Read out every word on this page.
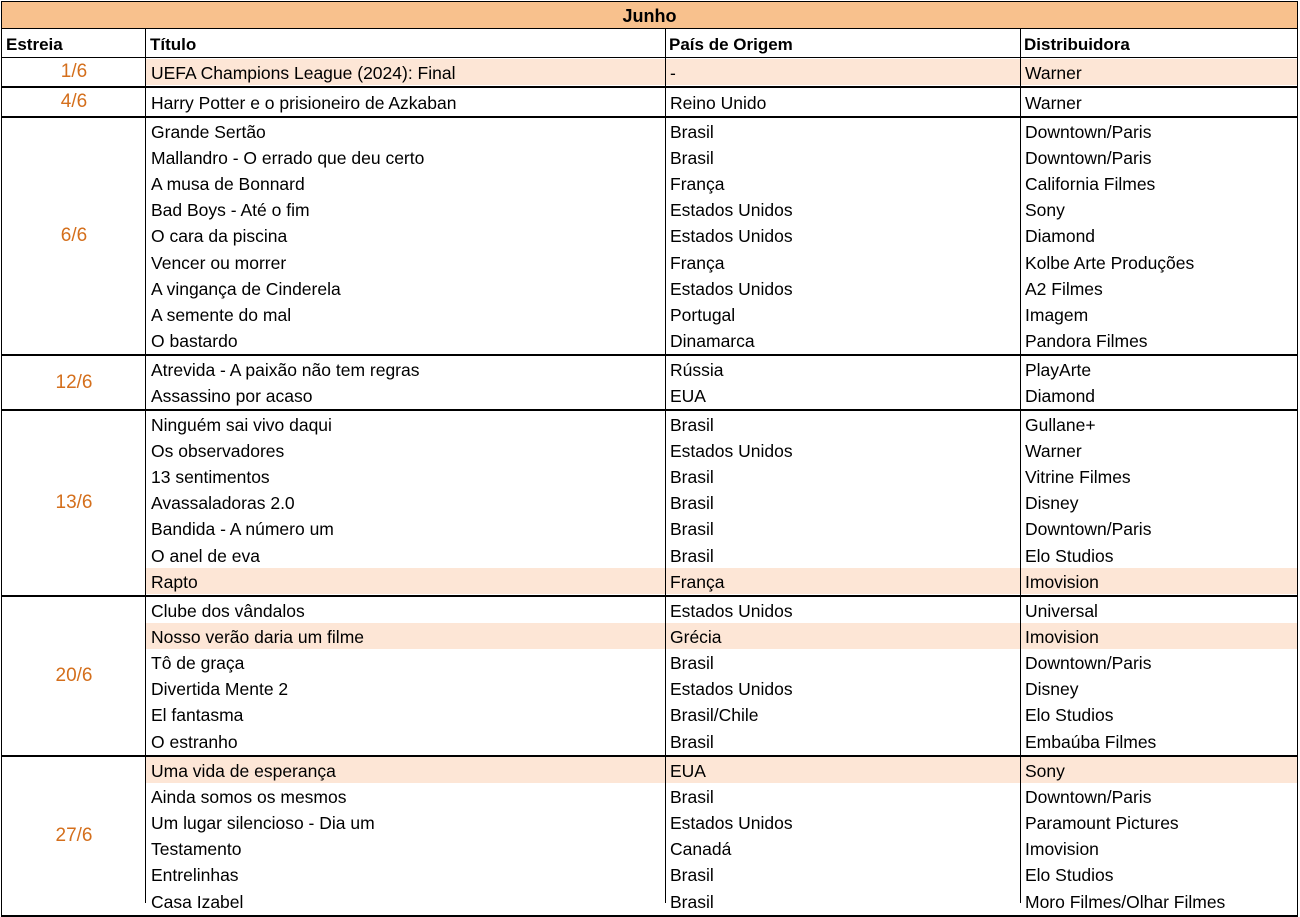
Junho
Estreia	Título	País de Origem	Distribuidora
1/6	UEFA Champions League (2024): Final	-	Warner
4/6	Harry Potter e o prisioneiro de Azkaban	Reino Unido	Warner
6/6
Grande Sertão	Brasil	Downtown/Paris
Mallandro - O errado que deu certo	Brasil	Downtown/Paris
A musa de Bonnard	França	California Filmes
Bad Boys - Até o fim	Estados Unidos	Sony
O cara da piscina	Estados Unidos	Diamond
Vencer ou morrer	França	Kolbe Arte Produções
A vingança de Cinderela	Estados Unidos	A2 Filmes
A semente do mal	Portugal	Imagem
O bastardo	Dinamarca	Pandora Filmes
12/6
Atrevida - A paixão não tem regras	Rússia	PlayArte
Assassino por acaso	EUA	Diamond
13/6
Ninguém sai vivo daqui	Brasil	Gullane+
Os observadores	Estados Unidos	Warner
13 sentimentos	Brasil	Vitrine Filmes
Avassaladoras 2.0	Brasil	Disney
Bandida - A número um	Brasil	Downtown/Paris
O anel de eva	Brasil	Elo Studios
Rapto	França	Imovision
20/6
Clube dos vândalos	Estados Unidos	Universal
Nosso verão daria um filme	Grécia	Imovision
Tô de graça	Brasil	Downtown/Paris
Divertida Mente 2	Estados Unidos	Disney
El fantasma	Brasil/Chile	Elo Studios
O estranho	Brasil	Embaúba Filmes
27/6
Uma vida de esperança	EUA	Sony
Ainda somos os mesmos	Brasil	Downtown/Paris
Um lugar silencioso - Dia um	Estados Unidos	Paramount Pictures
Testamento	Canadá	Imovision
Entrelinhas	Brasil	Elo Studios
Casa Izabel	Brasil	Moro Filmes/Olhar Filmes
